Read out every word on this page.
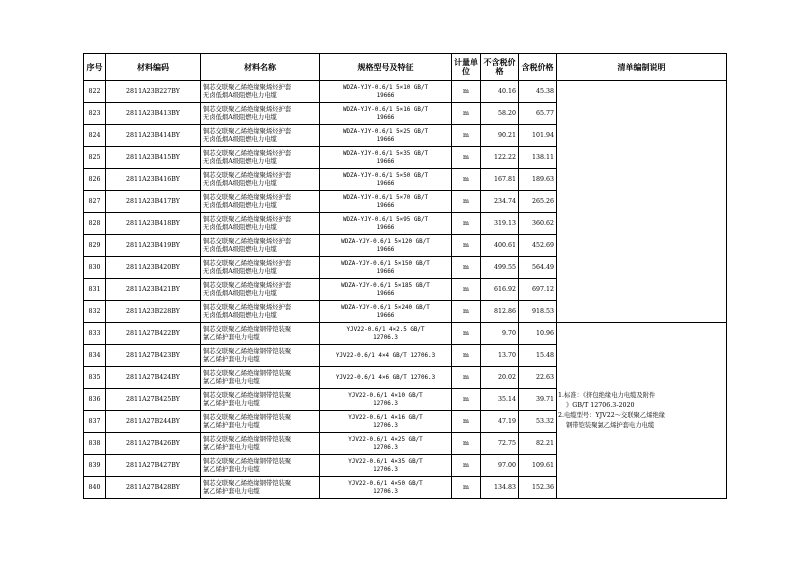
序号	材料编码	材料名称	规格型号及特征	计量单位	不含税价格	含税价格	清单编制说明
822	2811A23B227BY	铜芯交联聚乙烯绝缘聚烯烃护套
无卤低烟A级阻燃电力电缆	WDZA-YJY-0.6/1 5×10 GB/T
19666	m	40.16	45.38	
823	2811A23B413BY	铜芯交联聚乙烯绝缘聚烯烃护套
无卤低烟A级阻燃电力电缆	WDZA-YJY-0.6/1 5×16 GB/T
19666	m	58.20	65.77	
824	2811A23B414BY	铜芯交联聚乙烯绝缘聚烯烃护套
无卤低烟A级阻燃电力电缆	WDZA-YJY-0.6/1 5×25 GB/T
19666	m	90.21	101.94	
825	2811A23B415BY	铜芯交联聚乙烯绝缘聚烯烃护套
无卤低烟A级阻燃电力电缆	WDZA-YJY-0.6/1 5×35 GB/T
19666	m	122.22	138.11	
826	2811A23B416BY	铜芯交联聚乙烯绝缘聚烯烃护套
无卤低烟A级阻燃电力电缆	WDZA-YJY-0.6/1 5×50 GB/T
19666	m	167.81	189.63	
827	2811A23B417BY	铜芯交联聚乙烯绝缘聚烯烃护套
无卤低烟A级阻燃电力电缆	WDZA-YJY-0.6/1 5×70 GB/T
19666	m	234.74	265.26	
828	2811A23B418BY	铜芯交联聚乙烯绝缘聚烯烃护套
无卤低烟A级阻燃电力电缆	WDZA-YJY-0.6/1 5×95 GB/T
19666	m	319.13	360.62	
829	2811A23B419BY	铜芯交联聚乙烯绝缘聚烯烃护套
无卤低烟A级阻燃电力电缆	WDZA-YJY-0.6/1 5×120 GB/T
19666	m	400.61	452.69	
830	2811A23B420BY	铜芯交联聚乙烯绝缘聚烯烃护套
无卤低烟A级阻燃电力电缆	WDZA-YJY-0.6/1 5×150 GB/T
19666	m	499.55	564.49	
831	2811A23B421BY	铜芯交联聚乙烯绝缘聚烯烃护套
无卤低烟A级阻燃电力电缆	WDZA-YJY-0.6/1 5×185 GB/T
19666	m	616.92	697.12	
832	2811A23B228BY	铜芯交联聚乙烯绝缘聚烯烃护套
无卤低烟A级阻燃电力电缆	WDZA-YJY-0.6/1 5×240 GB/T
19666	m	812.86	918.53	
833	2811A27B422BY	铜芯交联聚乙烯绝缘钢带铠装聚
氯乙烯护套电力电缆	YJV22-0.6/1 4×2.5 GB/T
12706.3	m	9.70	10.96	1.标准：《挤包绝缘电力电缆及附件
》GB/T 12706.3-2020
2.电缆型号：YJV22～交联聚乙烯绝缘
钢带铠装聚氯乙烯护套电力电缆

834	2811A27B423BY	铜芯交联聚乙烯绝缘钢带铠装聚
氯乙烯护套电力电缆	YJV22-0.6/1 4×4 GB/T 12706.3	m	13.70	15.48	
835	2811A27B424BY	铜芯交联聚乙烯绝缘钢带铠装聚
氯乙烯护套电力电缆	YJV22-0.6/1 4×6 GB/T 12706.3	m	20.02	22.63	
836	2811A27B425BY	铜芯交联聚乙烯绝缘钢带铠装聚
氯乙烯护套电力电缆	YJV22-0.6/1 4×10 GB/T
12706.3	m	35.14	39.71	
837	2811A27B244BY	铜芯交联聚乙烯绝缘钢带铠装聚
氯乙烯护套电力电缆	YJV22-0.6/1 4×16 GB/T
12706.3	m	47.19	53.32	
838	2811A27B426BY	铜芯交联聚乙烯绝缘钢带铠装聚
氯乙烯护套电力电缆	YJV22-0.6/1 4×25 GB/T
12706.3	m	72.75	82.21	
839	2811A27B427BY	铜芯交联聚乙烯绝缘钢带铠装聚
氯乙烯护套电力电缆	YJV22-0.6/1 4×35 GB/T
12706.3	m	97.00	109.61	
840	2811A27B428BY	铜芯交联聚乙烯绝缘钢带铠装聚
氯乙烯护套电力电缆	YJV22-0.6/1 4×50 GB/T
12706.3	m	134.83	152.36	
